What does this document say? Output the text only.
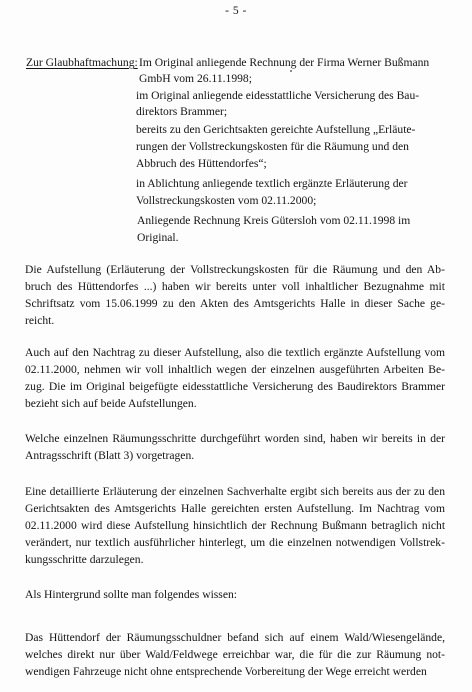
- 5 -
Zur Glaubhaftmachung: Im Original anliegende Rechnung der Firma Werner Bußmann
GmbH vom 26.11.1998;
im Original anliegende eidesstattliche Versicherung des Bau-
direktors Brammer;
bereits zu den Gerichtsakten gereichte Aufstellung „Erläute-
rungen der Vollstreckungskosten für die Räumung und den
Abbruch des Hüttendorfes“;
in Ablichtung anliegende textlich ergänzte Erläuterung der
Vollstreckungskosten vom 02.11.2000;
Anliegende Rechnung Kreis Gütersloh vom 02.11.1998 im
Original.
Die Aufstellung (Erläuterung der Vollstreckungskosten für die Räumung und den Ab-
bruch des Hüttendorfes ...) haben wir bereits unter voll inhaltlicher Bezugnahme mit
Schriftsatz vom 15.06.1999 zu den Akten des Amtsgerichts Halle in dieser Sache ge-
reicht.
Auch auf den Nachtrag zu dieser Aufstellung, also die textlich ergänzte Aufstellung vom
02.11.2000, nehmen wir voll inhaltlich wegen der einzelnen ausgeführten Arbeiten Be-
zug. Die im Original beigefügte eidesstattliche Versicherung des Baudirektors Brammer
bezieht sich auf beide Aufstellungen.
Welche einzelnen Räumungsschritte durchgeführt worden sind, haben wir bereits in der
Antragsschrift (Blatt 3) vorgetragen.
Eine detaillierte Erläuterung der einzelnen Sachverhalte ergibt sich bereits aus der zu den
Gerichtsakten des Amtsgerichts Halle gereichten ersten Aufstellung. Im Nachtrag vom
02.11.2000 wird diese Aufstellung hinsichtlich der Rechnung Bußmann betraglich nicht
verändert, nur textlich ausführlicher hinterlegt, um die einzelnen notwendigen Vollstrek-
kungsschritte darzulegen.
Als Hintergrund sollte man folgendes wissen:
Das Hüttendorf der Räumungsschuldner befand sich auf einem Wald/Wiesengelände,
welches direkt nur über Wald/Feldwege erreichbar war, die für die zur Räumung not-
wendigen Fahrzeuge nicht ohne entsprechende Vorbereitung der Wege erreicht werden
